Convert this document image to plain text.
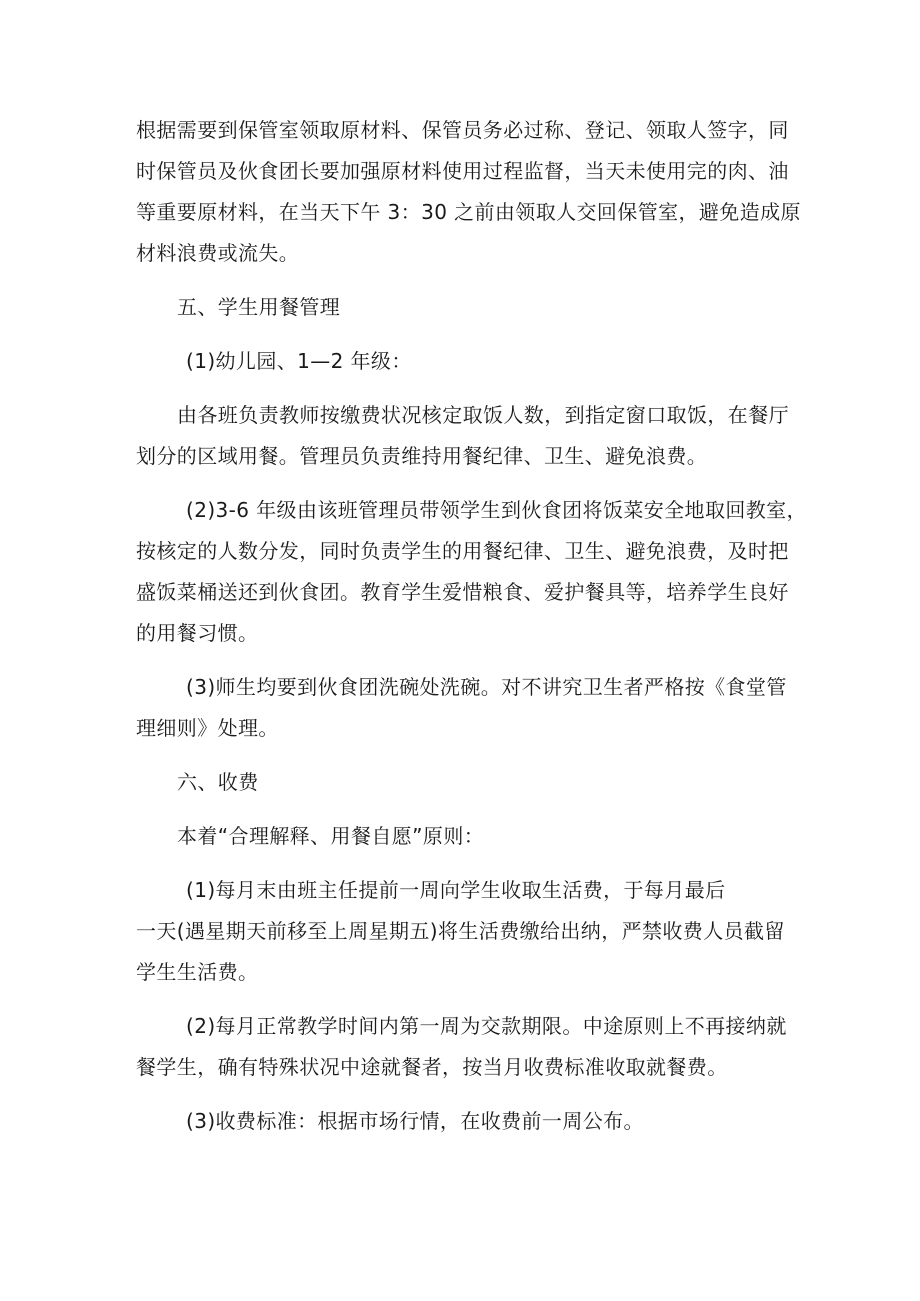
根据需要到保管室领取原材料、保管员务必过称、登记、领取人签字，同
时保管员及伙食团长要加强原材料使用过程监督，当天未使用完的肉、油
等重要原材料，在当天下午 3：30 之前由领取人交回保管室，避免造成原
材料浪费或流失。
五、学生用餐管理
(1)幼儿园、1—2 年级：
由各班负责教师按缴费状况核定取饭人数，到指定窗口取饭，在餐厅
划分的区域用餐。管理员负责维持用餐纪律、卫生、避免浪费。
(2)3-6 年级由该班管理员带领学生到伙食团将饭菜安全地取回教室，
按核定的人数分发，同时负责学生的用餐纪律、卫生、避免浪费，及时把
盛饭菜桶送还到伙食团。教育学生爱惜粮食、爱护餐具等，培养学生良好
的用餐习惯。
(3)师生均要到伙食团洗碗处洗碗。对不讲究卫生者严格按《食堂管
理细则》处理。
六、收费
本着“合理解释、用餐自愿”原则：
(1)每月末由班主任提前一周向学生收取生活费，于每月最后
一天(遇星期天前移至上周星期五)将生活费缴给出纳，严禁收费人员截留
学生生活费。
(2)每月正常教学时间内第一周为交款期限。中途原则上不再接纳就
餐学生，确有特殊状况中途就餐者，按当月收费标准收取就餐费。
(3)收费标准：根据市场行情，在收费前一周公布。
